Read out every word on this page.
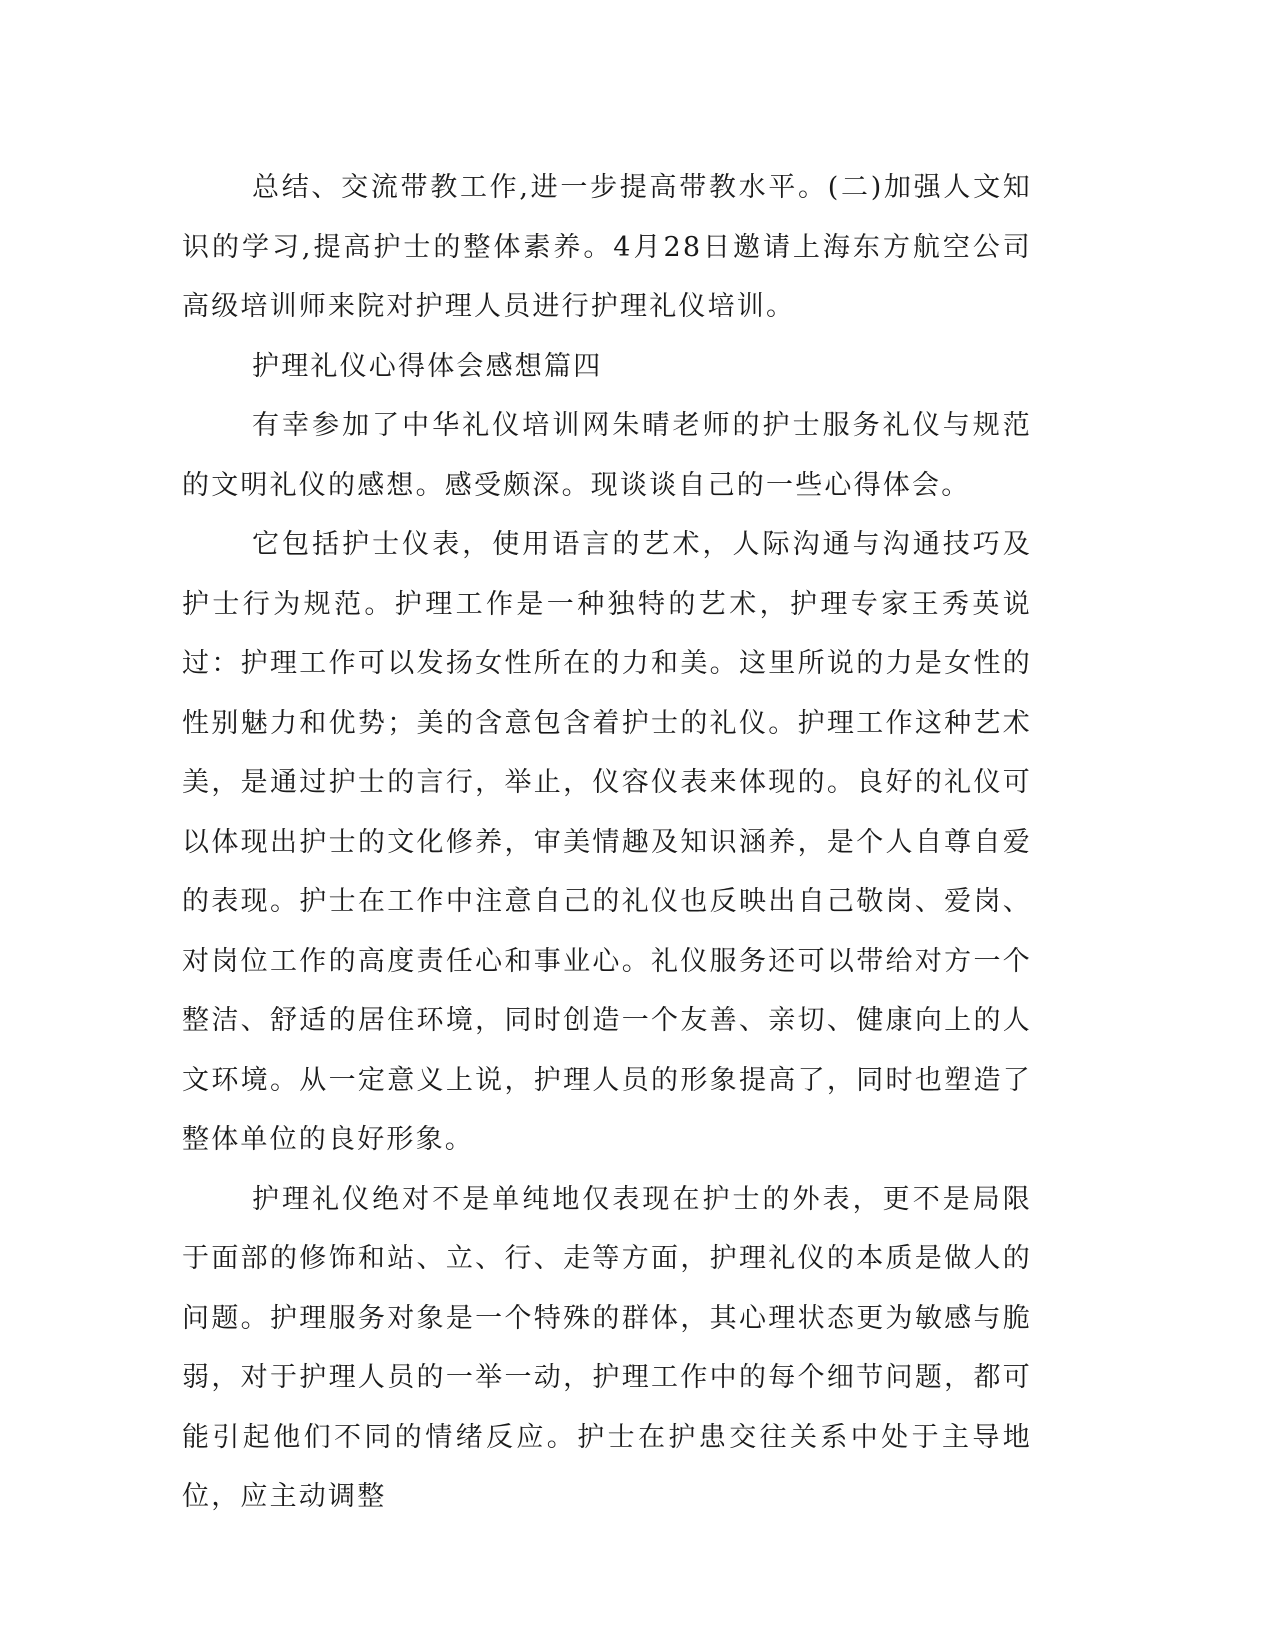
总结、交流带教工作,进一步提高带教水平。(二)加强人文知识的学习,提高护士的整体素养。4月28日邀请上海东方航空公司高级培训师来院对护理人员进行护理礼仪培训。

护理礼仪心得体会感想篇四

有幸参加了中华礼仪培训网朱晴老师的护士服务礼仪与规范的文明礼仪的感想。感受颇深。现谈谈自己的一些心得体会。

它包括护士仪表，使用语言的艺术，人际沟通与沟通技巧及护士行为规范。护理工作是一种独特的艺术，护理专家王秀英说过：护理工作可以发扬女性所在的力和美。这里所说的力是女性的性别魅力和优势；美的含意包含着护士的礼仪。护理工作这种艺术美，是通过护士的言行，举止，仪容仪表来体现的。良好的礼仪可以体现出护士的文化修养，审美情趣及知识涵养，是个人自尊自爱的表现。护士在工作中注意自己的礼仪也反映出自己敬岗、爱岗、对岗位工作的高度责任心和事业心。礼仪服务还可以带给对方一个整洁、舒适的居住环境，同时创造一个友善、亲切、健康向上的人文环境。从一定意义上说，护理人员的形象提高了，同时也塑造了整体单位的良好形象。

护理礼仪绝对不是单纯地仅表现在护士的外表，更不是局限于面部的修饰和站、立、行、走等方面，护理礼仪的本质是做人的问题。护理服务对象是一个特殊的群体，其心理状态更为敏感与脆弱，对于护理人员的一举一动，护理工作中的每个细节问题，都可能引起他们不同的情绪反应。护士在护患交往关系中处于主导地位，应主动调整
